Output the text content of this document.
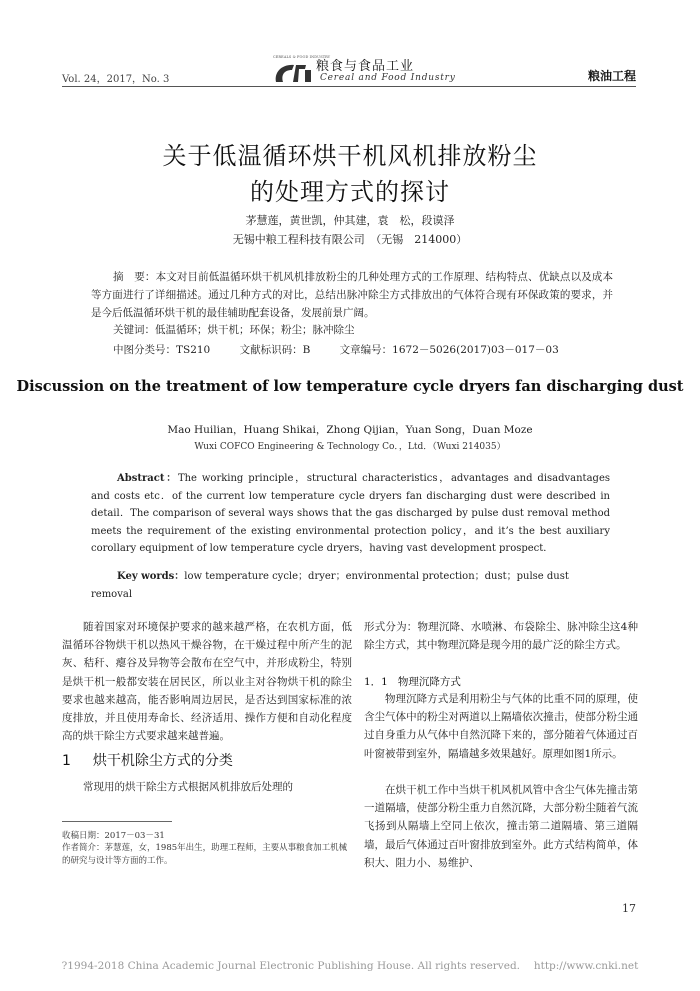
Vol. 24，2017，No. 3
CEREALS & FOOD INDUSTRY
粮食与食品工业
Cereal and Food Industry	粮油工程
关于低温循环烘干机风机排放粉尘
的处理方式的探讨
茅慧莲，黄世凯，仲其建，袁　松，段谟泽
无锡中粮工程科技有限公司　（无锡　214000）
摘　要：本文对目前低温循环烘干机风机排放粉尘的几种处理方式的工作原理、结构特点、优缺点以及成本等方面进行了详细描述。通过几种方式的对比，总结出脉冲除尘方式排放出的气体符合现有环保政策的要求，并是今后低温循环烘干机的最佳辅助配套设备，发展前景广阔。
关键词：低温循环；烘干机；环保；粉尘；脉冲除尘
中图分类号：TS210	文献标识码：B	文章编号：1672－5026(2017)03－017－03
Discussion on the treatment of low temperature cycle dryers fan discharging dust
Mao Huilian，Huang Shikai，Zhong Qijian，Yuan Song，Duan Moze
Wuxi COFCO Engineering & Technology Co．，Ltd．（Wuxi 214035）
Abstract：The working principle，structural characteristics，advantages and disadvantages and costs etc．of the current low temperature cycle dryers fan discharging dust were described in detail．The comparison of several ways shows that the gas discharged by pulse dust removal method meets the requirement of the existing environmental protection policy，and it’s the best auxiliary corollary equipment of low temperature cycle dryers，having vast development prospect．
Key words：low temperature cycle；dryer；environmental protection；dust；pulse dust removal
随着国家对环境保护要求的越来越严格，在农机方面，低温循环谷物烘干机以热风干燥谷物，在干燥过程中所产生的泥灰、秸秆、瘪谷及异物等会散布在空气中，并形成粉尘，特别是烘干机一般都安装在居民区，所以业主对谷物烘干机的除尘要求也越来越高，能否影响周边居民，是否达到国家标准的浓度排放，并且使用寿命长、经济适用、操作方便和自动化程度高的烘干除尘方式要求越来越普遍。
1 烘干机除尘方式的分类
常现用的烘干除尘方式根据风机排放后处理的
收稿日期：2017－03－31
作者简介：茅慧莲，女，1985年出生，助理工程师，主要从事粮食加工机械的研究与设计等方面的工作。
形式分为：物理沉降、水喷淋、布袋除尘、脉冲除尘这4种除尘方式，其中物理沉降是现今用的最广泛的除尘方式。
1．1 物理沉降方式
物理沉降方式是利用粉尘与气体的比重不同的原理，使含尘气体中的粉尘对两道以上隔墙依次撞击，使部分粉尘通过自身重力从气体中自然沉降下来的，部分随着气体通过百叶窗被带到室外，隔墙越多效果越好。原理如图1所示。
在烘干机工作中当烘干机风机风管中含尘气体先撞击第一道隔墙，使部分粉尘重力自然沉降，大部分粉尘随着气流飞扬到从隔墙上空同上依次，撞击第二道隔墙、第三道隔墙，最后气体通过百叶窗排放到室外。此方式结构简单，体积大、阻力小、易维护、
17
?1994-2018 China Academic Journal Electronic Publishing House. All rights reserved.　 http://www.cnki.net
